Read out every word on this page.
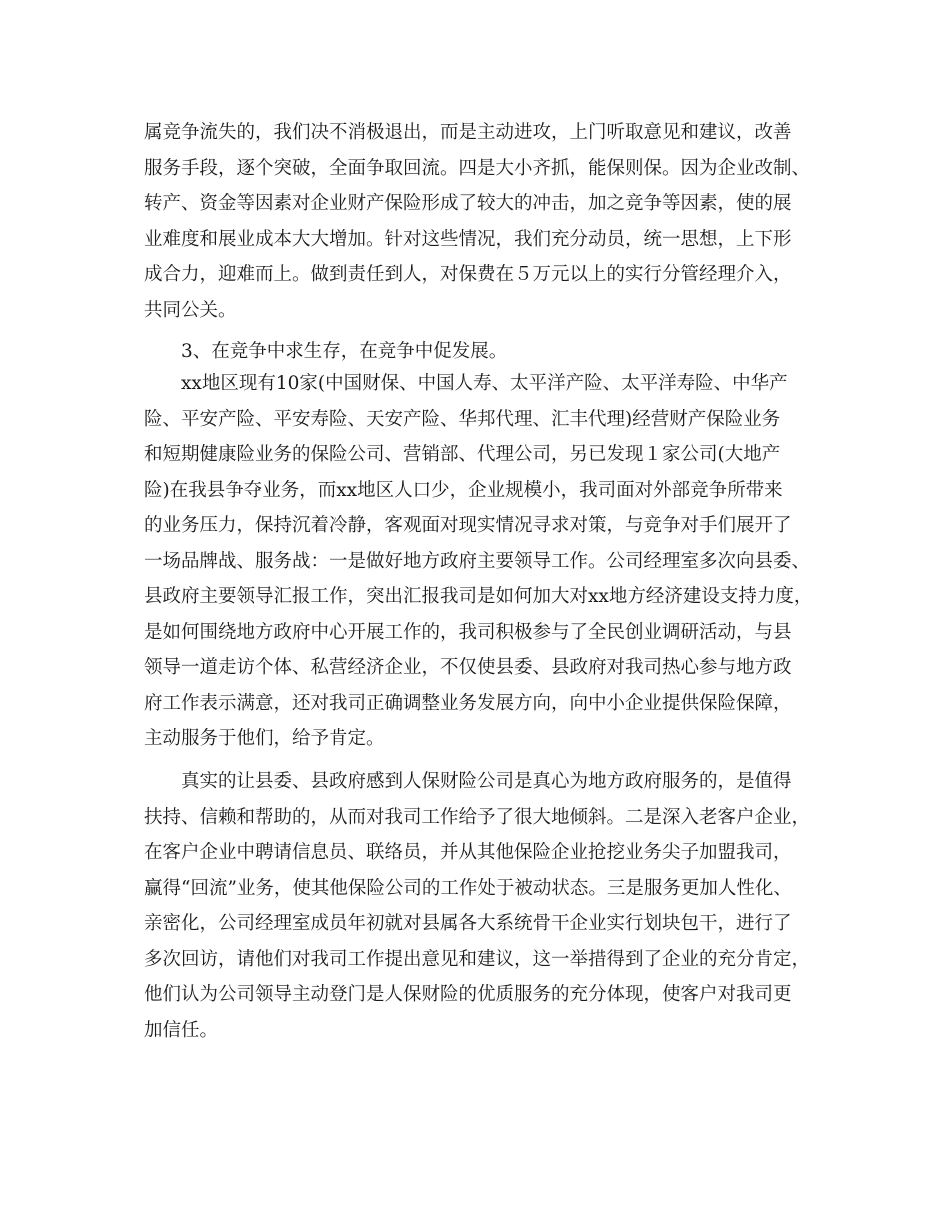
属竞争流失的，我们决不消极退出，而是主动进攻，上门听取意见和建议，改善
服务手段，逐个突破，全面争取回流。四是大小齐抓，能保则保。因为企业改制、
转产、资金等因素对企业财产保险形成了较大的冲击，加之竞争等因素，使的展
业难度和展业成本大大增加。针对这些情况，我们充分动员，统一思想，上下形
成合力，迎难而上。做到责任到人，对保费在５万元以上的实行分管经理介入，
共同公关。
3、在竞争中求生存，在竞争中促发展。
xx地区现有10家(中国财保、中国人寿、太平洋产险、太平洋寿险、中华产
险、平安产险、平安寿险、天安产险、华邦代理、汇丰代理)经营财产保险业务
和短期健康险业务的保险公司、营销部、代理公司，另已发现１家公司(大地产
险)在我县争夺业务，而xx地区人口少，企业规模小，我司面对外部竞争所带来
的业务压力，保持沉着冷静，客观面对现实情况寻求对策，与竞争对手们展开了
一场品牌战、服务战：一是做好地方政府主要领导工作。公司经理室多次向县委、
县政府主要领导汇报工作，突出汇报我司是如何加大对xx地方经济建设支持力度，
是如何围绕地方政府中心开展工作的，我司积极参与了全民创业调研活动，与县
领导一道走访个体、私营经济企业，不仅使县委、县政府对我司热心参与地方政
府工作表示满意，还对我司正确调整业务发展方向，向中小企业提供保险保障，
主动服务于他们，给予肯定。
真实的让县委、县政府感到人保财险公司是真心为地方政府服务的，是值得
扶持、信赖和帮助的，从而对我司工作给予了很大地倾斜。二是深入老客户企业，
在客户企业中聘请信息员、联络员，并从其他保险企业抢挖业务尖子加盟我司，
赢得“回流”业务，使其他保险公司的工作处于被动状态。三是服务更加人性化、
亲密化，公司经理室成员年初就对县属各大系统骨干企业实行划块包干，进行了
多次回访，请他们对我司工作提出意见和建议，这一举措得到了企业的充分肯定，
他们认为公司领导主动登门是人保财险的优质服务的充分体现，使客户对我司更
加信任。
